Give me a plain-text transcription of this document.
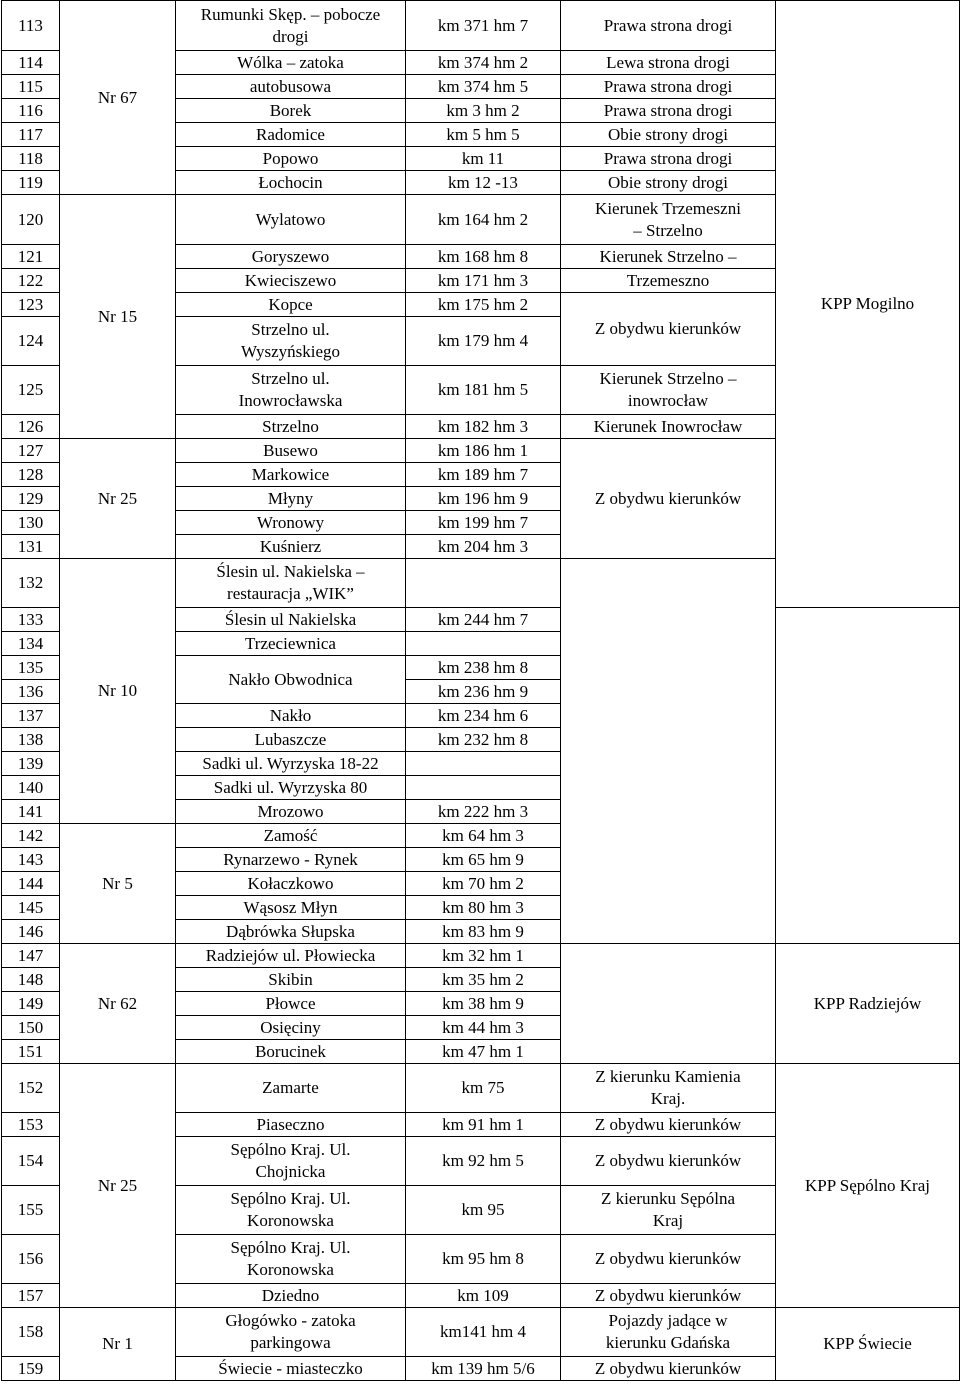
113	Nr 67	Rumunki Skęp. – pobocze
drogi	km 371 hm 7	Prawa strona drogi	KPP Mogilno	
114		Wólka – zatoka	km 374 hm 2	Lewa strona drogi		
115		autobusowa	km 374 hm 5	Prawa strona drogi		
116		Borek	km 3 hm 2	Prawa strona drogi		
117		Radomice	km 5 hm 5	Obie strony drogi		
118		Popowo	km 11	Prawa strona drogi		
119		Łochocin	km 12 -13	Obie strony drogi		
120	Nr 15	Wylatowo	km 164 hm 2	Kierunek Trzemeszni
– Strzelno		
121		Goryszewo	km 168 hm 8	Kierunek Strzelno –		
122		Kwieciszewo	km 171 hm 3	Trzemeszno		
123		Kopce	km 175 hm 2	Z obydwu kierunków		
124		Strzelno ul.
Wyszyńskiego	km 179 hm 4			
125		Strzelno ul.
Inowrocławska	km 181 hm 5	Kierunek Strzelno –
inowrocław		
126		Strzelno	km 182 hm 3	Kierunek Inowrocław		
127	Nr 25	Busewo	km 186 hm 1	Z obydwu kierunków		
128		Markowice	km 189 hm 7			
129		Młyny	km 196 hm 9			
130		Wronowy	km 199 hm 7			
131		Kuśnierz	km 204 hm 3			
132	Nr 10	Ślesin ul. Nakielska –
restauracja „WIK”			
133		Ślesin ul Nakielska	km 244 hm 7			
134		Trzeciewnica				
135		Nakło Obwodnica	km 238 hm 8			
136			km 236 hm 9			
137		Nakło	km 234 hm 6			
138		Lubaszcze	km 232 hm 8			
139		Sadki ul. Wyrzyska 18-22				
140		Sadki ul. Wyrzyska 80				
141		Mrozowo	km 222 hm 3			
142	Nr 5	Zamość	km 64 hm 3			
143		Rynarzewo - Rynek	km 65 hm 9			
144		Kołaczkowo	km 70 hm 2			
145		Wąsosz Młyn	km 80 hm 3			
146		Dąbrówka Słupska	km 83 hm 9			
147	Nr 62	Radziejów ul. Płowiecka	km 32 hm 1		KPP Radziejów	
148		Skibin	km 35 hm 2			
149		Płowce	km 38 hm 9			
150		Osięciny	km 44 hm 3			
151		Borucinek	km 47 hm 1			
152	Nr 25	Zamarte	km 75	Z kierunku Kamienia
Kraj.	KPP Sępólno Kraj	
153		Piaseczno	km 91 hm 1	Z obydwu kierunków		
154		Sępólno Kraj. Ul.
Chojnicka	km 92 hm 5	Z obydwu kierunków		
155		Sępólno Kraj. Ul.
Koronowska	km 95	Z kierunku Sępólna
Kraj		
156		Sępólno Kraj. Ul.
Koronowska	km 95 hm 8	Z obydwu kierunków		
157		Dziedno	km 109	Z obydwu kierunków		
158	Nr 1	Głogówko - zatoka
parkingowa	km141 hm 4	Pojazdy jadące w
kierunku Gdańska	KPP Świecie	
159		Świecie - miasteczko	km 139 hm 5/6	Z obydwu kierunków		
